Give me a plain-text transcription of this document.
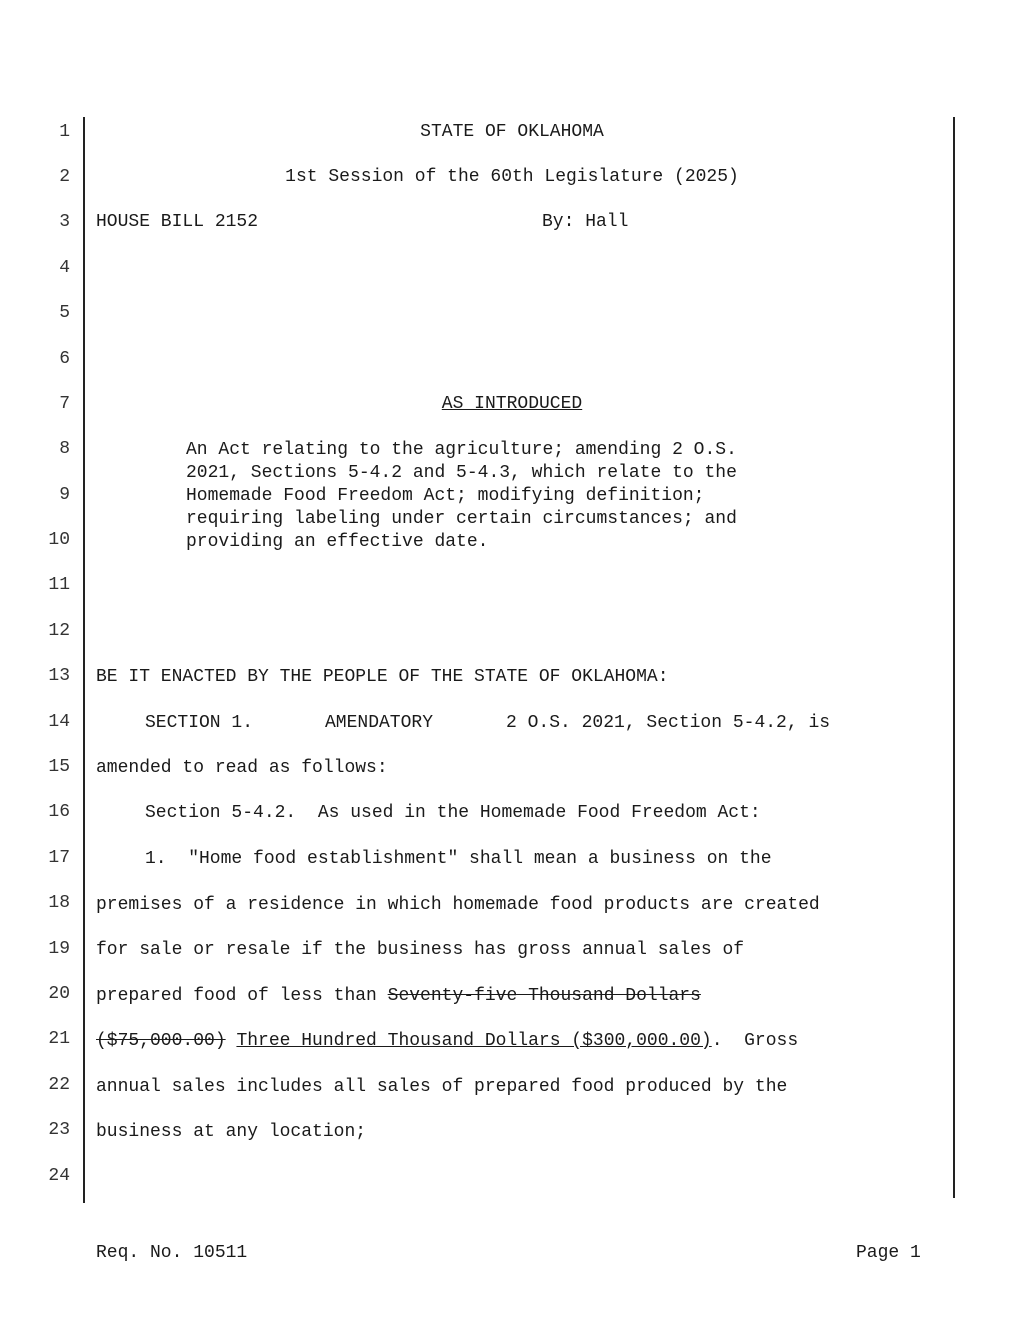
1
2
3
4
5
6
7
8
9
10
11
12
13
14
15
16
17
18
19
20
21
22
23
24
STATE OF OKLAHOMA
1st Session of the 60th Legislature (2025)
HOUSE BILL 2152	By: Hall
AS INTRODUCED
An Act relating to the agriculture; amending 2 O.S.
2021, Sections 5-4.2 and 5-4.3, which relate to the
Homemade Food Freedom Act; modifying definition;
requiring labeling under certain circumstances; and
providing an effective date.
BE IT ENACTED BY THE PEOPLE OF THE STATE OF OKLAHOMA:
SECTION 1.	AMENDATORY	2 O.S. 2021, Section 5-4.2, is
amended to read as follows:
Section 5-4.2.  As used in the Homemade Food Freedom Act:
1.  "Home food establishment" shall mean a business on the
premises of a residence in which homemade food products are created
for sale or resale if the business has gross annual sales of
prepared food of less than Seventy-five Thousand Dollars
($75,000.00) Three Hundred Thousand Dollars ($300,000.00).  Gross
annual sales includes all sales of prepared food produced by the
business at any location;
Req. No. 10511	Page 1
